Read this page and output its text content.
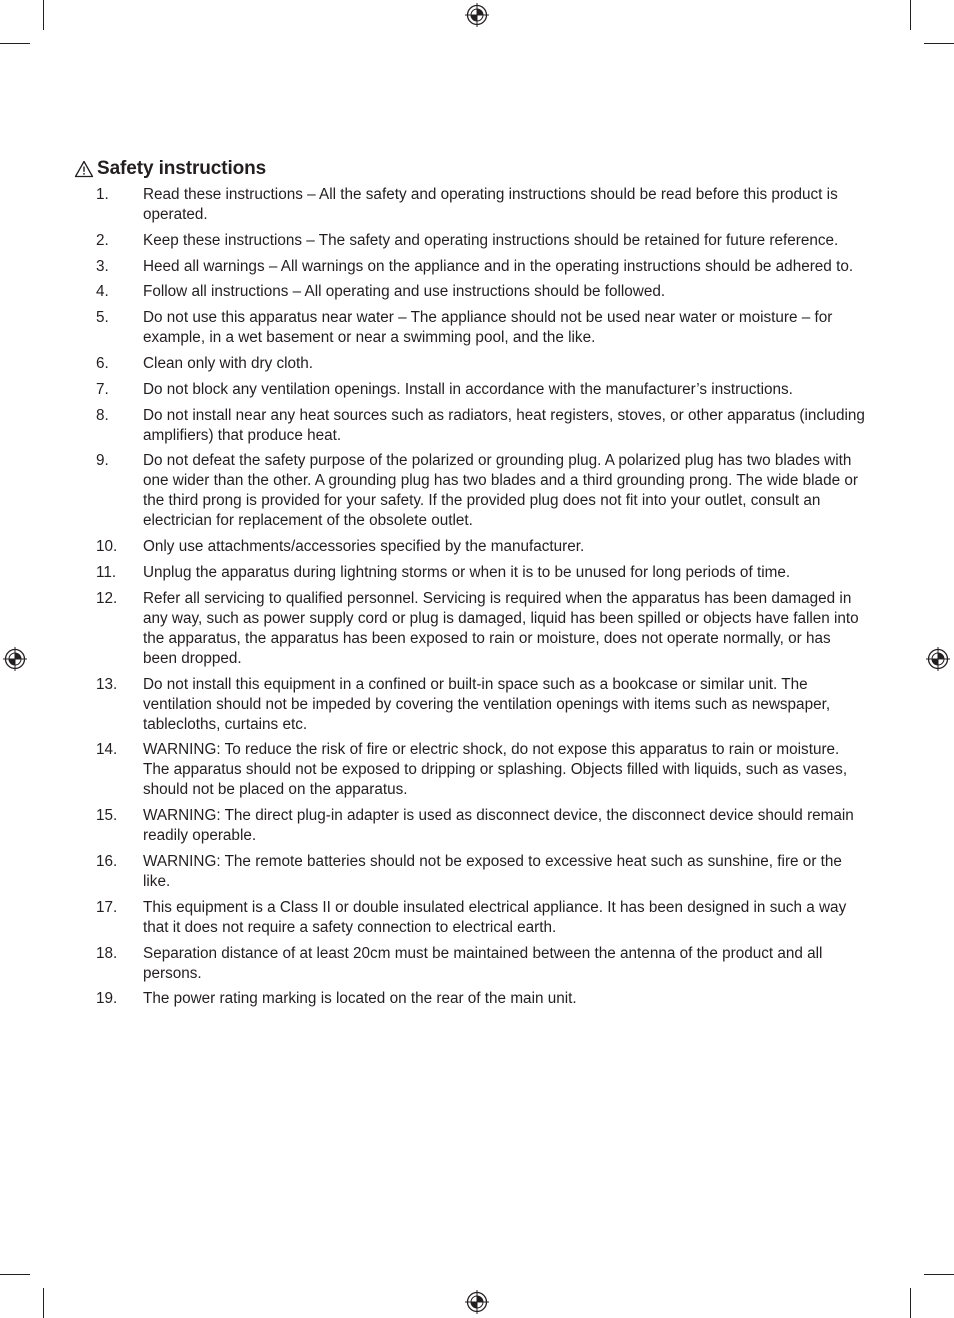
Safety instructions
1.	Read these instructions – All the safety and operating instructions should be read before this product is operated.
2.	Keep these instructions – The safety and operating instructions should be retained for future reference.
3.	Heed all warnings – All warnings on the appliance and in the operating instructions should be adhered to.
4.	Follow all instructions – All operating and use instructions should be followed.
5.	Do not use this apparatus near water – The appliance should not be used near water or moisture – for example, in a wet basement or near a swimming pool, and the like.
6.	Clean only with dry cloth.
7.	Do not block any ventilation openings. Install in accordance with the manufacturer’s instructions.
8.	Do not install near any heat sources such as radiators, heat registers, stoves, or other apparatus (including amplifiers) that produce heat.
9.	Do not defeat the safety purpose of the polarized or grounding plug. A polarized plug has two blades with one wider than the other. A grounding plug has two blades and a third grounding prong. The wide blade or the third prong is provided for your safety. If the provided plug does not fit into your outlet, consult an electrician for replacement of the obsolete outlet.
10.	Only use attachments/accessories specified by the manufacturer.
11.	Unplug the apparatus during lightning storms or when it is to be unused for long periods of time.
12.	Refer all servicing to qualified personnel. Servicing is required when the apparatus has been damaged in any way, such as power supply cord or plug is damaged, liquid has been spilled or objects have fallen into the apparatus, the apparatus has been exposed to rain or moisture, does not operate normally, or has been dropped.
13.	Do not install this equipment in a confined or built-in space such as a bookcase or similar unit. The ventilation should not be impeded by covering the ventilation openings with items such as newspaper, tablecloths, curtains etc.
14.	WARNING: To reduce the risk of fire or electric shock, do not expose this apparatus to rain or moisture. The apparatus should not be exposed to dripping or splashing. Objects filled with liquids, such as vases, should not be placed on the apparatus.
15.	WARNING: The direct plug-in adapter is used as disconnect device, the disconnect device should remain readily operable.
16.	WARNING: The remote batteries should not be exposed to excessive heat such as sunshine, fire or the like.
17.	This equipment is a Class II or double insulated electrical appliance. It has been designed in such a way that it does not require a safety connection to electrical earth.
18.	Separation distance of at least 20cm must be maintained between the antenna of the product and all persons.
19.	The power rating marking is located on the rear of the main unit.
